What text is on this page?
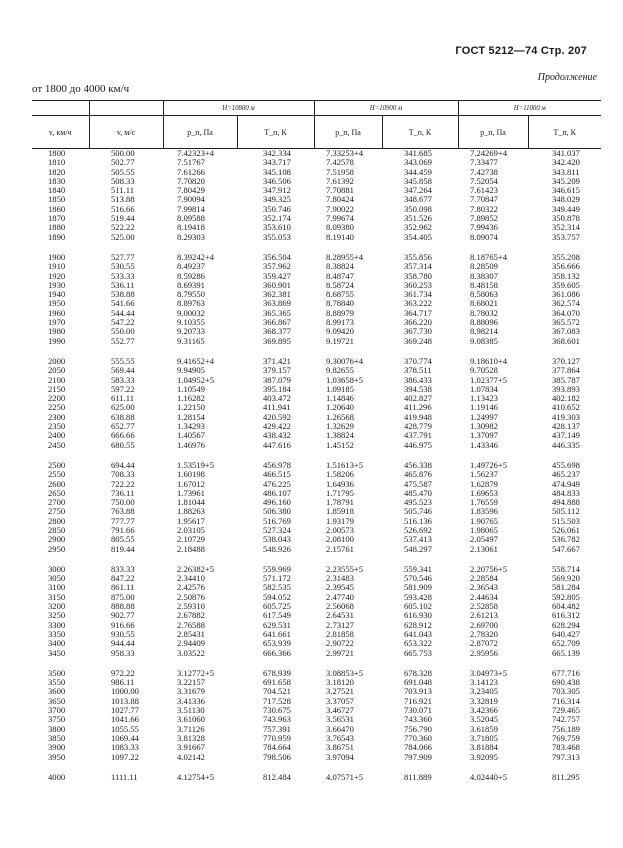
ГОСТ 5212—74 Стр. 207
Продолжение
от 1800 до 4000 км/ч
		H=10800 м		H=10900 м		H=11000 м	
v, км/ч	v, м/с	p_п, Па	T_п, К	p_п, Па	T_п, К	p_п, Па	T_п, К
1800	500.00	7.42323+4	342.334	7.33253+4	341.685	7.24269+4	341.037
1810	502.77	7.51767	343.717	7.42578	343.069	7.33477	342.420
1820	505.55	7.61266	345.108	7.51958	344.459	7.42738	343.811
1830	508.33	7.70820	346.506	7.61392	345.858	7.52054	345.209
1840	511.11	7.80429	347.912	7.70881	347.264	7.61423	346.615
1850	513.88	7.90094	349.325	7.80424	348.677	7.70847	348.029
1860	516.66	7.99814	350.746	7.90022	350.098	7.80322	349.449
1870	519.44	8.09588	352.174	7.99674	351.526	7.89852	350.878
1880	522.22	8.19418	353.610	8.09380	352.962	7.99436	352.314
1890	525.00	8.29303	355.053	8.19140	354.405	8.09074	353.757

1900	527.77	8.39242+4	356.504	8.28955+4	355.856	8.18765+4	355.208
1910	530.55	8.49237	357.962	8.38824	357.314	8.28509	356.666
1920	533.33	8.59286	359.427	8.48747	358.780	8.38307	358.132
1930	536.11	8.69391	360.901	8.58724	360.253	8.48158	359.605
1940	538.88	8.79550	362.381	8.68755	361.734	8.58063	361.086
1950	541.66	8.89763	363.869	8.78840	363.222	8.68021	362.574
1960	544.44	9.00032	365.365	8.88979	364.717	8.78032	364.070
1970	547.22	9.10355	366.867	8.99173	366.220	8.88096	365.572
1980	550.00	9.20733	368.377	9.09420	367.730	8.98214	367.083
1990	552.77	9.31165	369.895	9.19721	369.248	9.08385	368.601

2000	555.55	9.41652+4	371.421	9.30076+4	370.774	9.18610+4	370.127
2050	569.44	9.94905	379.157	9.82655	378.511	9.70528	377.864
2100	583.33	1.04952+5	387.079	1.03658+5	386.433	1.02377+5	385.787
2150	597.22	1.10549	395.184	1.09185	394.538	1.07834	393.893
2200	611.11	1.16282	403.472	1.14846	402.827	1.13423	402.182
2250	625.00	1.22150	411.941	1.20640	411.296	1.19146	410.652
2300	638.88	1.28154	420.592	1.26568	419.948	1.24997	419.303
2350	652.77	1.34293	429.422	1.32629	428.779	1.30982	428.137
2400	666.66	1.40567	438.432	1.38824	437.791	1.37097	437.149
2450	680.55	1.46976	447.616	1.45152	446.975	1.43346	446.335

2500	694.44	1.53519+5	456.978	1.51613+5	456.338	1.49726+5	455.698
2550	708.33	1.60198	466.515	1.58206	465.876	1.56237	465.237
2600	722.22	1.67012	476.225	1.64936	475.587	1.62879	474.949
2650	736.11	1.73961	486.107	1.71795	485.470	1.69653	484.833
2700	750.00	1.81044	496.160	1.78791	495.523	1.76559	494.888
2750	763.88	1.88263	506.380	1.85918	505.746	1.83596	505.112
2800	777.77	1.95617	516.769	1.93179	516.136	1.90765	515.503
2850	791.66	2.03105	527.324	2.00573	526.692	1.98065	526.061
2900	805.55	2.10729	538.043	2.08100	537.413	2.05497	536.782
2950	819.44	2.18488	548.926	2.15761	548.297	2.13061	547.667

3000	833.33	2.26382+5	559.969	2.23555+5	559.341	2.20756+5	558.714
3050	847.22	2.34410	571.172	2.31483	570.546	2.28584	569.920
3100	861.11	2.42576	582.535	2.39545	581.909	2.36543	581.284
3150	875.00	2.50876	594.052	2.47740	593.428	2.44634	592.805
3200	888.88	2.59310	605.725	2.56068	605.102	2.52858	604.482
3250	902.77	2.67882	617.549	2.64531	616.930	2.61213	616.312
3300	916.66	2.76588	629.531	2.73127	628.912	2.69700	628.294
3350	930.55	2.85431	641.661	2.81858	641.043	2.78320	640.427
3400	944.44	2.94409	653.939	2.90722	653.322	2.87072	652.709
3450	958.33	3.03522	666.366	2.99721	665.753	2.95956	665.139

3500	972.22	3.12772+5	678.939	3.08853+5	678.328	3.04973+5	677.716
3550	986.11	3.22157	691.658	3.18120	691.048	3.14123	690.438
3600	1000.00	3.31679	704.521	3.27521	703.913	3.23405	703.305
3650	1013.88	3.41336	717.528	3.37057	716.921	3.32819	716.314
3700	1027.77	3.51130	730.675	3.46727	730.071	3.42366	729.465
3750	1041.66	3.61060	743.963	3.56531	743.360	3.52045	742.757
3800	1055.55	3.71126	757.391	3.66470	756.790	3.61859	756.189
3850	1069.44	3.81328	770.959	3.76543	770.360	3.71805	769.759
3900	1083.33	3.91667	784.664	3.86751	784.066	3.81884	783.468
3950	1097.22	4.02142	798.506	3.97094	797.909	3.92095	797.313

4000	1111.11	4.12754+5	812.484	4.07571+5	811.889	4.02440+5	811.295
